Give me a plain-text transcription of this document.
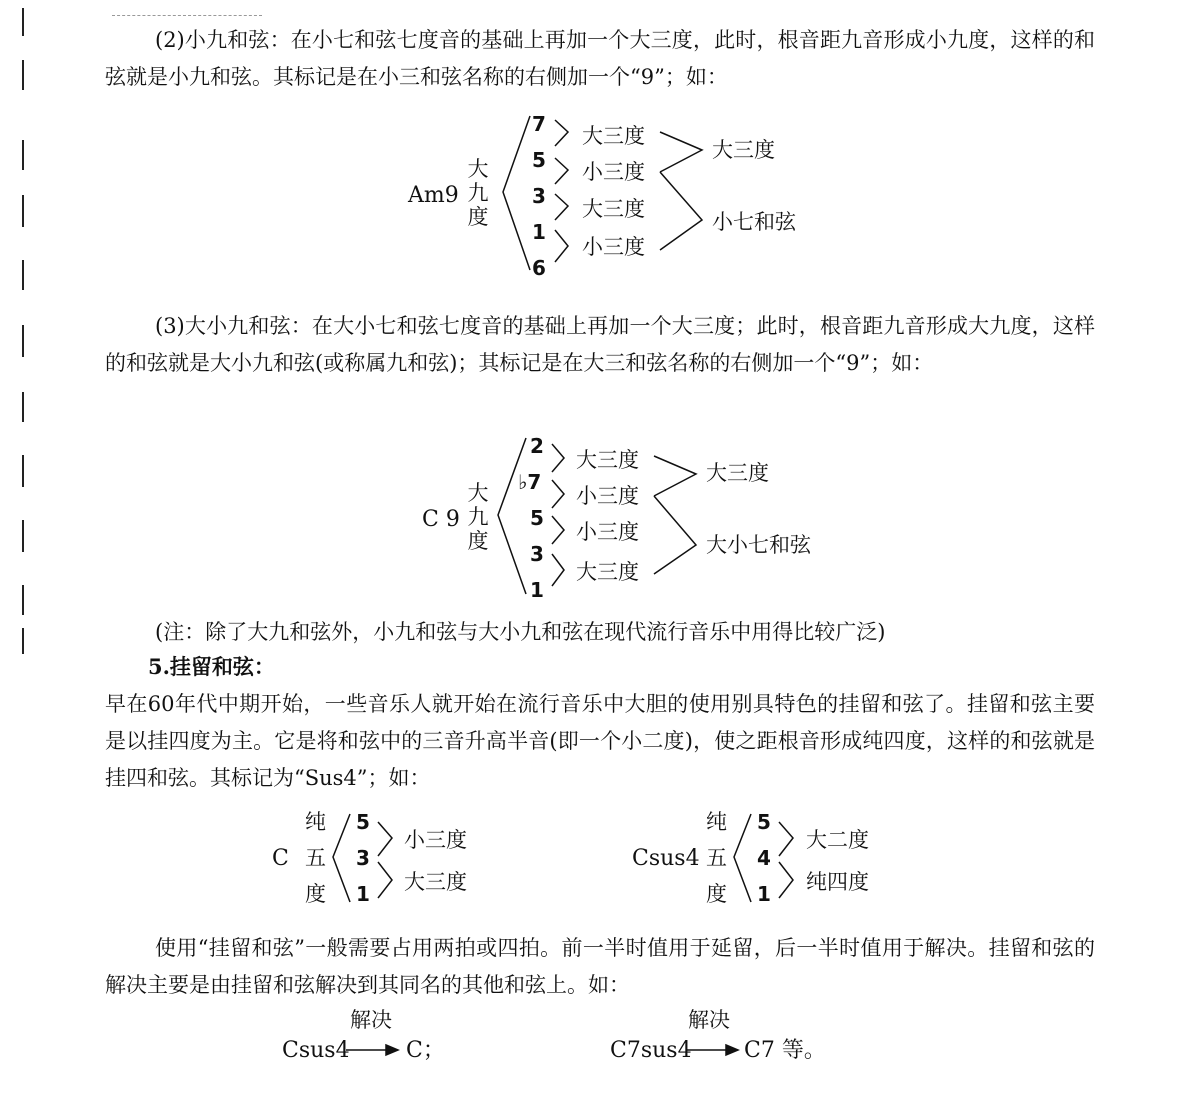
(2)小九和弦：在小七和弦七度音的基础上再加一个大三度，此时，根音距九音形成小九度，这样的和弦就是小九和弦。其标记是在小三和弦名称的右侧加一个“9”；如：
Am9
大
九
度
7
5
3
1
6
大三度
小三度
大三度
小三度
大三度
小七和弦
(3)大小九和弦：在大小七和弦七度音的基础上再加一个大三度；此时，根音距九音形成大九度，这样的和弦就是大小九和弦(或称属九和弦)；其标记是在大三和弦名称的右侧加一个“9”；如：
C 9
大
九
度
2
♭7
5
3
1
大三度
小三度
小三度
大三度
大三度
大小七和弦
(注：除了大九和弦外，小九和弦与大小九和弦在现代流行音乐中用得比较广泛)
5.挂留和弦：
早在60年代中期开始，一些音乐人就开始在流行音乐中大胆的使用别具特色的挂留和弦了。挂留和弦主要是以挂四度为主。它是将和弦中的三音升高半音(即一个小二度)，使之距根音形成纯四度，这样的和弦就是挂四和弦。其标记为“Sus4”；如：
C
纯
五
度
5
3
1
小三度
大三度
Csus4
纯
五
度
5
4
1
大二度
纯四度
使用“挂留和弦”一般需要占用两拍或四拍。前一半时值用于延留，后一半时值用于解决。挂留和弦的解决主要是由挂留和弦解决到其同名的其他和弦上。如：
解决
Csus4	C；
解决
C7sus4 C7 等。
